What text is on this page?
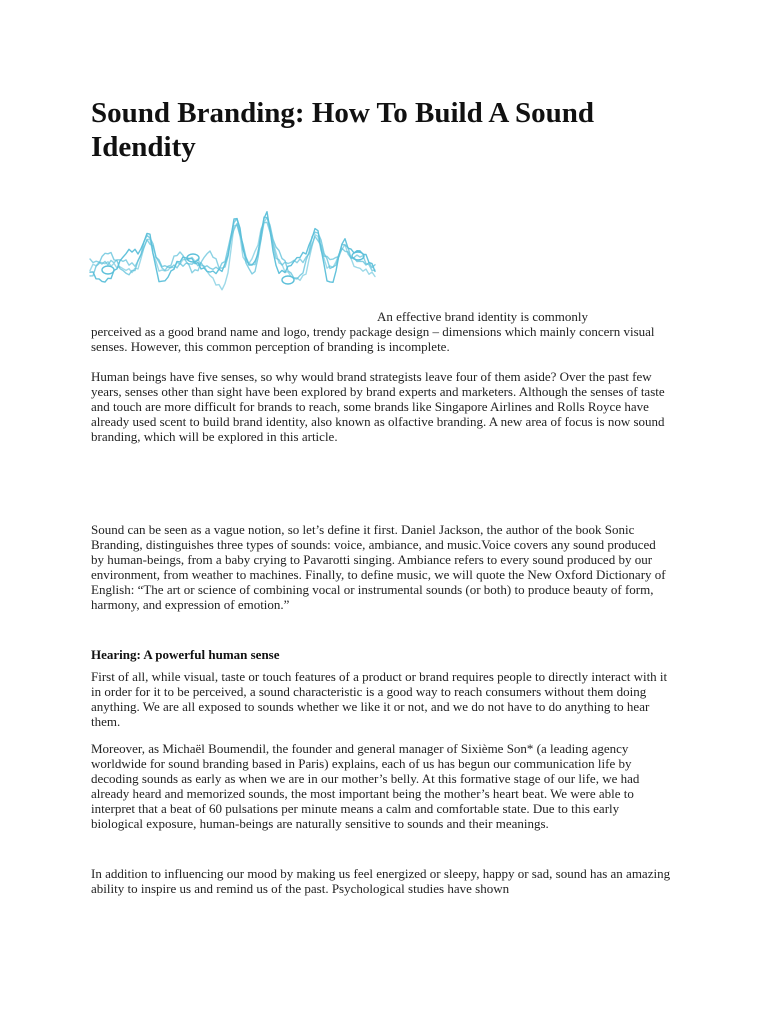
Sound Branding: How To Build A Sound Idendity

An effective brand identity is commonly
perceived as a good brand name and logo, trendy package design – dimensions which mainly concern visual senses. However, this common perception of branding is incomplete.

Human beings have five senses, so why would brand strategists leave four of them aside? Over the past few years, senses other than sight have been explored by brand experts and marketers. Although the senses of taste and touch are more difficult for brands to reach, some brands like Singapore Airlines and Rolls Royce have already used scent to build brand identity, also known as olfactive branding. A new area of focus is now sound branding, which will be explored in this article.

Sound can be seen as a vague notion, so let’s define it first. Daniel Jackson, the author of the book Sonic Branding, distinguishes three types of sounds: voice, ambiance, and music.Voice covers any sound produced by human-beings, from a baby crying to Pavarotti singing. Ambiance refers to every sound produced by our environment, from weather to machines. Finally, to define music, we will quote the New Oxford Dictionary of English: “The art or science of combining vocal or instrumental sounds (or both) to produce beauty of form, harmony, and expression of emotion.”

Hearing: A powerful human sense

First of all, while visual, taste or touch features of a product or brand requires people to directly interact with it in order for it to be perceived, a sound characteristic is a good way to reach consumers without them doing anything. We are all exposed to sounds whether we like it or not, and we do not have to do anything to hear them.

Moreover, as Michaël Boumendil, the founder and general manager of Sixième Son* (a leading agency worldwide for sound branding based in Paris) explains, each of us has begun our communication life by decoding sounds as early as when we are in our mother’s belly. At this formative stage of our life, we had already heard and memorized sounds, the most important being the mother’s heart beat. We were able to interpret that a beat of 60 pulsations per minute means a calm and comfortable state. Due to this early biological exposure, human-beings are naturally sensitive to sounds and their meanings.

In addition to influencing our mood by making us feel energized or sleepy, happy or sad, sound has an amazing ability to inspire us and remind us of the past. Psychological studies have shown
